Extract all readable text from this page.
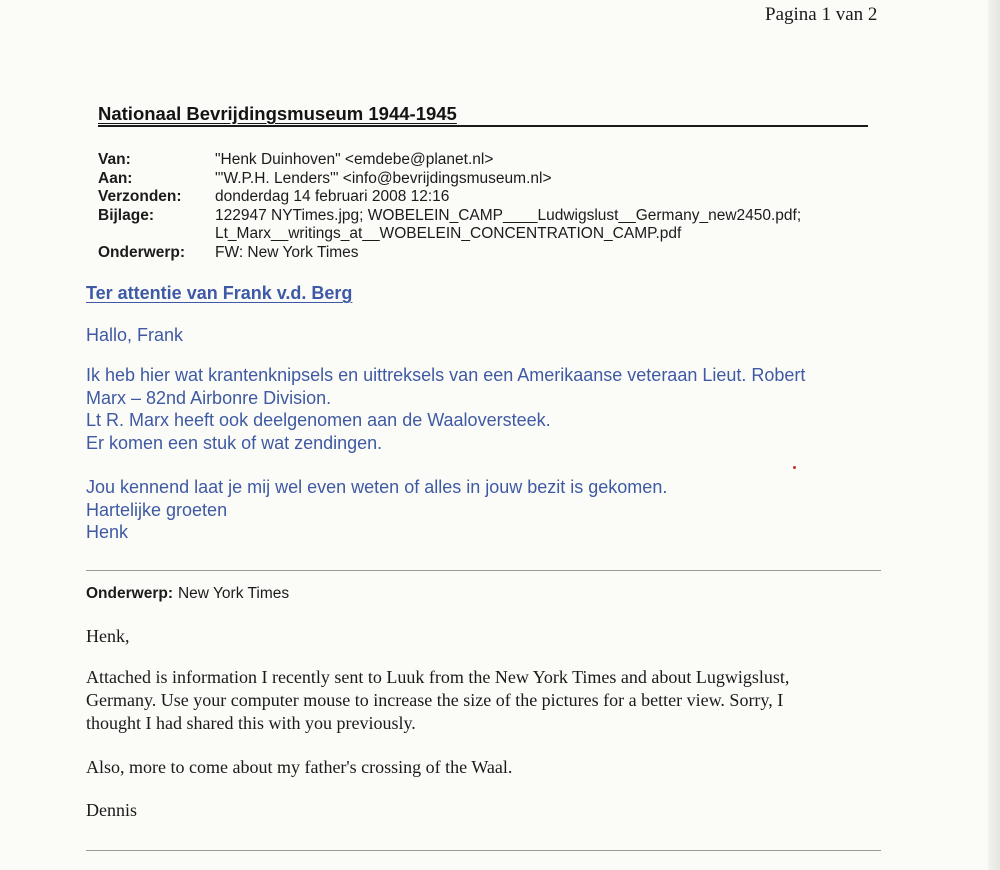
Pagina 1 van 2
Nationaal Bevrijdingsmuseum 1944-1945
Van:	"Henk Duinhoven" <emdebe@planet.nl>
Aan:	"'W.P.H. Lenders'" <info@bevrijdingsmuseum.nl>
Verzonden:	donderdag 14 februari 2008 12:16
Bijlage:	122947 NYTimes.jpg; WOBELEIN_CAMP____Ludwigslust__Germany_new2450.pdf;
Lt_Marx__writings_at__WOBELEIN_CONCENTRATION_CAMP.pdf
Onderwerp:	FW: New York Times
Ter attentie van Frank v.d. Berg
Hallo, Frank
Ik heb hier wat krantenknipsels en uittreksels van een Amerikaanse veteraan Lieut. Robert
Marx – 82nd Airbonre Division.
Lt R. Marx heeft ook deelgenomen aan de Waaloversteek.
Er komen een stuk of wat zendingen.
Jou kennend laat je mij wel even weten of alles in jouw bezit is gekomen.
Hartelijke groeten
Henk
Onderwerp: New York Times
Henk,
Attached is information I recently sent to Luuk from the New York Times and about Lugwigslust,
Germany. Use your computer mouse to increase the size of the pictures for a better view. Sorry, I
thought I had shared this with you previously.
Also, more to come about my father's crossing of the Waal.
Dennis
